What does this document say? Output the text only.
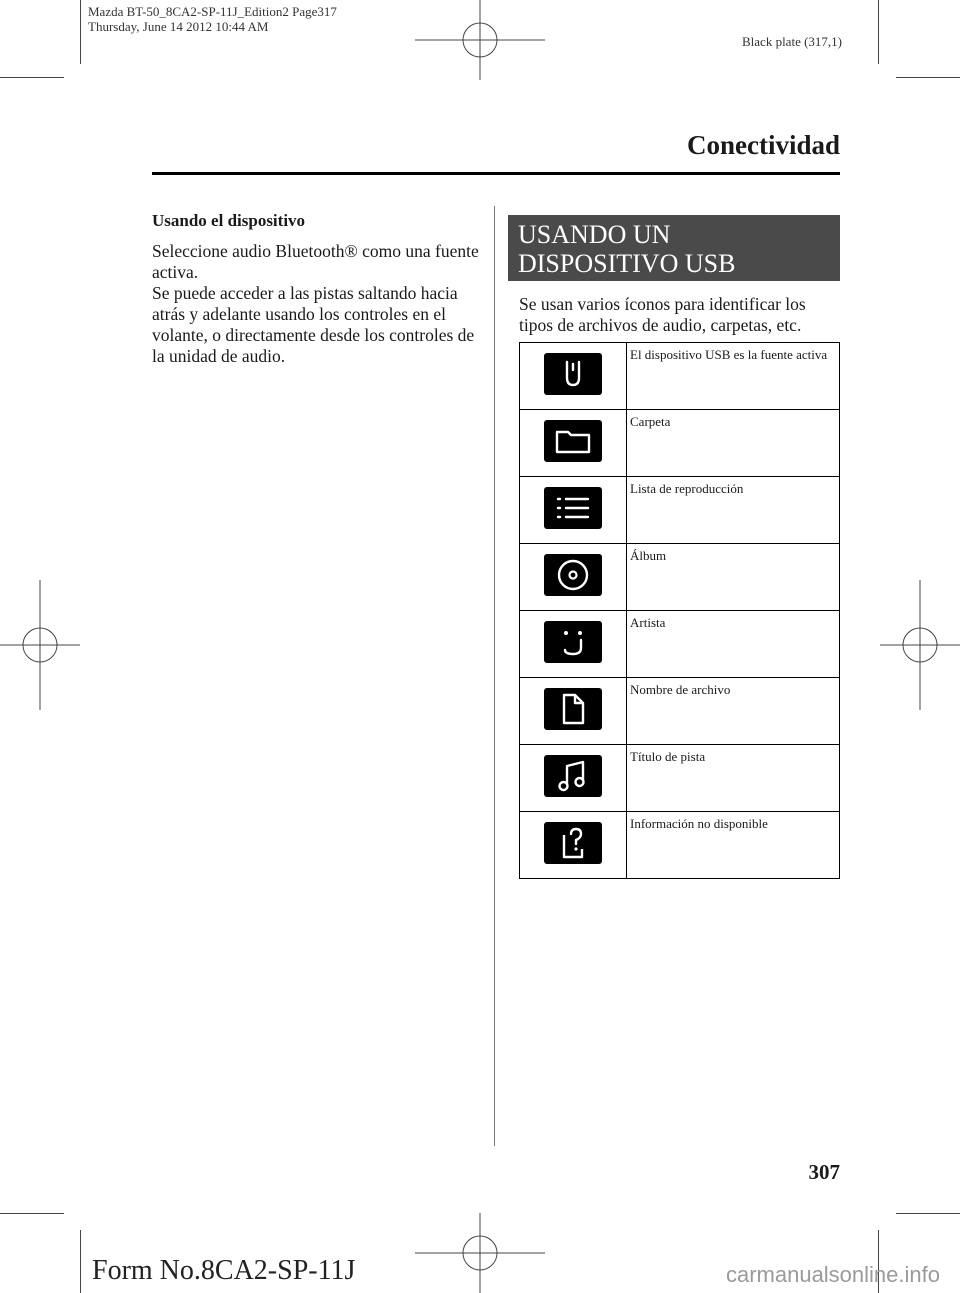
Mazda BT-50_8CA2-SP-11J_Edition2 Page317
Thursday, June 14 2012 10:44 AM
Black plate (317,1)
Conectividad
Usando el dispositivo

Seleccione audio Bluetooth® como una fuente activa.

Se puede acceder a las pistas saltando hacia atrás y adelante usando los controles en el volante, o directamente desde los controles de la unidad de audio.

USANDO UN
DISPOSITIVO USB
Se usan varios íconos para identificar los tipos de archivos de audio, carpetas, etc.
	El dispositivo USB es la fuente activa

	Carpeta

	Lista de reproducción

	Álbum

	Artista

	Nombre de archivo

	Título de pista

	Información no disponible
307
Form No.8CA2-SP-11J	carmanualsonline.info
